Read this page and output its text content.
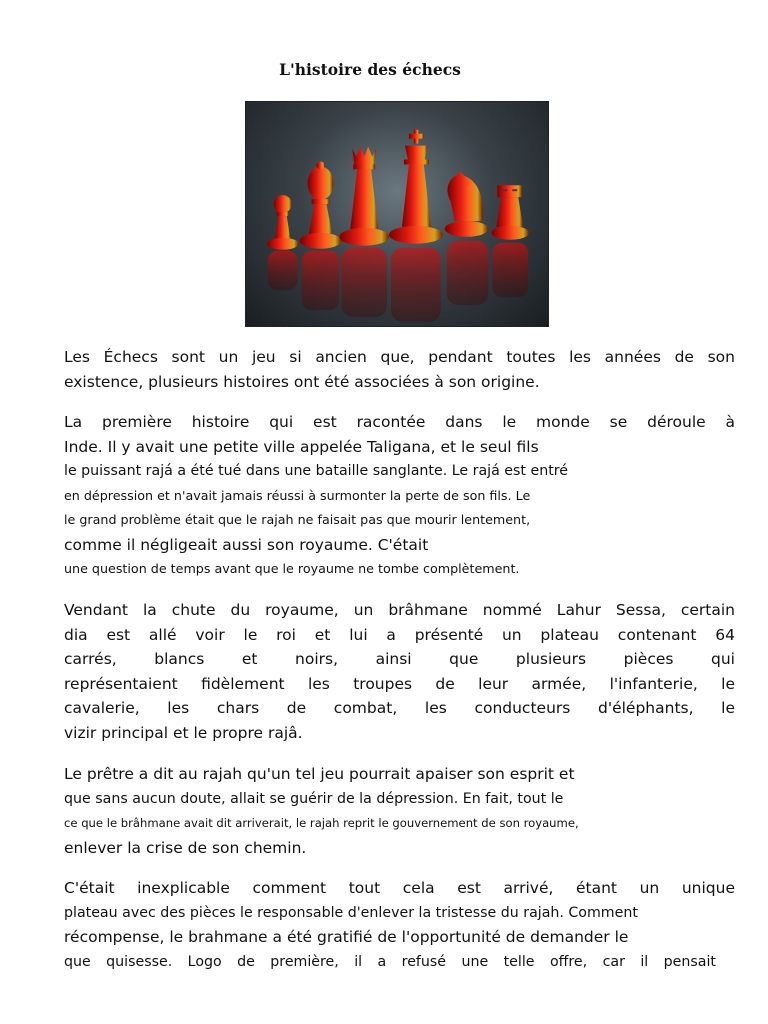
L'histoire des échecs
Les Échecs sont un jeu si ancien que, pendant toutes les années de son
existence, plusieurs histoires ont été associées à son origine.
La première histoire qui est racontée dans le monde se déroule à
Inde. Il y avait une petite ville appelée Taligana, et le seul fils
le puissant rajá a été tué dans une bataille sanglante. Le rajá est entré
en dépression et n'avait jamais réussi à surmonter la perte de son fils. Le
le grand problème était que le rajah ne faisait pas que mourir lentement,
comme il négligeait aussi son royaume. C'était
une question de temps avant que le royaume ne tombe complètement.
Vendant la chute du royaume, un brâhmane nommé Lahur Sessa, certain
dia est allé voir le roi et lui a présenté un plateau contenant 64
carrés, blancs et noirs, ainsi que plusieurs pièces qui
représentaient fidèlement les troupes de leur armée, l'infanterie, le
cavalerie, les chars de combat, les conducteurs d'éléphants, le
vizir principal et le propre rajâ.
Le prêtre a dit au rajah qu'un tel jeu pourrait apaiser son esprit et
que sans aucun doute, allait se guérir de la dépression. En fait, tout le
ce que le brâhmane avait dit arriverait, le rajah reprit le gouvernement de son royaume,
enlever la crise de son chemin.
C'était inexplicable comment tout cela est arrivé, étant un unique
plateau avec des pièces le responsable d'enlever la tristesse du rajah. Comment
récompense, le brahmane a été gratifié de l'opportunité de demander le
que quisesse. Logo de première, il a refusé une telle offre, car il pensait
